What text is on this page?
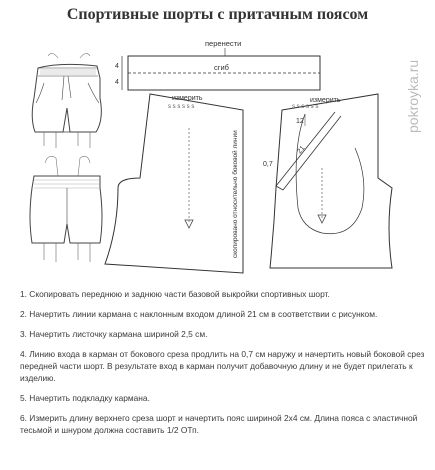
Спортивные шорты с притачным поясом
перенести
сгиб
4
4
измерить
s s s s s s
скопировано относительно боковой линии
измерить
s s s s s s
12
21
0,7
pokroyka.ru

1. Скопировать переднюю и заднюю части базовой выкройки спортивных шорт.

2. Начертить линии кармана с наклонным входом длиной 21 см в соответствии с рисунком.

3. Начертить листочку кармана шириной 2,5 см.

4. Линию входа в карман от бокового среза продлить на 0,7 см наружу и начертить новый боковой срез передней части шорт. В результате вход в карман получит добавочную длину и не будет прилегать к изделию.

5. Начертить подкладку кармана.

6. Измерить длину верхнего среза шорт и начертить пояс шириной 2х4 см. Длина пояса с эластичной тесьмой и шнуром должна составить 1/2 ОТп.
